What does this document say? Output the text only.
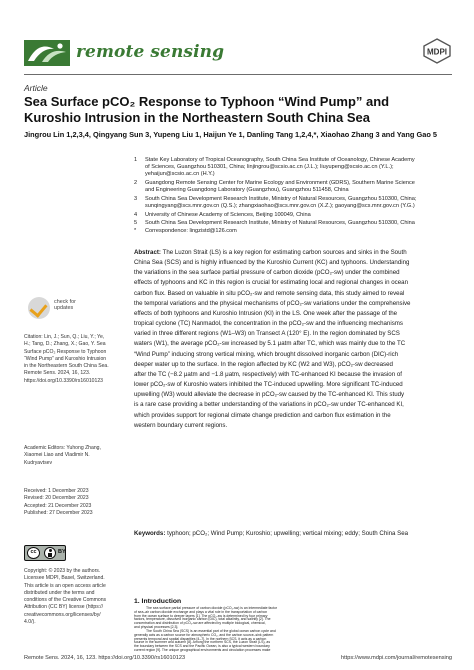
remote sensing	MDPI
Article
Sea Surface pCO₂ Response to Typhoon “Wind Pump” and
Kuroshio Intrusion in the Northeastern South China Sea
Jingrou Lin 1,2,3,4, Qingyang Sun 3, Yupeng Liu 1, Haijun Ye 1, Danling Tang 1,2,4,*, Xiaohao Zhang 3 and Yang Gao 5
1	State Key Laboratory of Tropical Oceanography, South China Sea Institute of Oceanology, Chinese Academy
of Sciences, Guangzhou 510301, China; linjingrou@scsio.ac.cn (J.L.); liuyupeng@scsio.ac.cn (Y.L.);
yehaijun@scsio.ac.cn (H.Y.)
2	Guangdong Remote Sensing Center for Marine Ecology and Environment (GDRS), Southern Marine Science
and Engineering Guangdong Laboratory (Guangzhou), Guangzhou 511458, China
3	South China Sea Development Research Institute, Ministry of Natural Resources, Guangzhou 510300, China;
sunqingyang@scs.mnr.gov.cn (Q.S.); zhangxiaohao@scs.mnr.gov.cn (X.Z.); gaoyang@scs.mnr.gov.cn (Y.G.)
4	University of Chinese Academy of Sciences, Beijing 100049, China
5	South China Sea Development Research Institute, Ministry of Natural Resources, Guangzhou 510300, China
*	Correspondence: lingzistd@126.com
Abstract: The Luzon Strait (LS) is a key region for estimating carbon sources and sinks in the South
China Sea (SCS) and is highly influenced by the Kuroshio Current (KC) and typhoons. Understanding
the variations in the sea surface partial pressure of carbon dioxide (pCO₂-sw) under the combined
effects of typhoons and KC in this region is crucial for estimating local and regional changes in ocean
carbon flux. Based on valuable in situ pCO₂-sw and remote sensing data, this study aimed to reveal
the temporal variations and the physical mechanisms of pCO₂-sw variations under the comprehensive
effects of both typhoons and Kuroshio Intrusion (KI) in the LS. One week after the passage of the
tropical cyclone (TC) Nanmadol, the concentration in the pCO₂-sw and the influencing mechanisms
varied in three different regions (W1–W3) on Transect A (120° E). In the region dominated by SCS
waters (W1), the average pCO₂-sw increased by 5.1 μatm after TC, which was mainly due to the TC
“Wind Pump” inducing strong vertical mixing, which brought dissolved inorganic carbon (DIC)-rich
deeper water up to the surface. In the region affected by KC (W2 and W3), pCO₂-sw decreased
after the TC (−8.2 μatm and −1.8 μatm, respectively) with TC-enhanced KI because the invasion of
lower pCO₂-sw of Kuroshio waters inhibited the TC-induced upwelling. More significant TC-induced
upwelling (W3) would alleviate the decrease in pCO₂-sw caused by the TC-enhanced KI. This study
is a rare case providing a better understanding of the variations in pCO₂-sw under TC-enhanced KI,
which provides support for regional climate change prediction and carbon flux estimation in the
western boundary current regions.
Keywords: typhoon; pCO₂; Wind Pump; Kuroshio; upwelling; vertical mixing; eddy; South China Sea
check for
updates
Citation: Lin, J.; Sun, Q.; Liu, Y.; Ye,
H.; Tang, D.; Zhang, X.; Gao, Y. Sea
Surface pCO₂ Response to Typhoon
“Wind Pump” and Kuroshio Intrusion
in the Northeastern South China Sea.
Remote Sens. 2024, 16, 123.
https://doi.org/10.3390/rs16010123
Academic Editors: Yuhong Zhang,
Xiaomei Liao and Vladimir N.
Kudryavtsev
Received: 1 December 2023
Revised: 20 December 2023
Accepted: 21 December 2023
Published: 27 December 2023
cc	BY
Copyright: © 2023 by the authors.
Licensee MDPI, Basel, Switzerland.
This article is an open access article
distributed under the terms and
conditions of the Creative Commons
Attribution (CC BY) license (https://
creativecommons.org/licenses/by/
4.0/).
1. Introduction
The sea surface partial pressure of carbon dioxide (pCO₂-sw) is an intermediate factor
of sea–air carbon dioxide exchange and plays a vital role in the transportation of carbon
from the ocean surface to deeper layers [1]. The pCO₂-sw is determined by four primary
factors, temperature, dissolved inorganic carbon (DIC), total alkalinity, and salinity [2]. The
concentration and distribution of pCO₂-sw are affected by multiple biological, chemical,
and physical processes [2,3].
The South China Sea (SCS) is an essential part of the global ocean carbon cycle and
generally acts as a carbon source for atmospheric CO₂, and the carbon source–sink pattern
presents temporal and spatial disparities [4–7]. In the northern SCS, it acts as a carbon
source in the summer and autumn [8]. Among the northern SCS, the Luzon Strait (LS), as
the boundary between the SCS and the Pacific Ocean, is also a typical western boundary
current region [9]. The unique geographical environments and circulation processes make
Remote Sens. 2024, 16, 123. https://doi.org/10.3390/rs16010123	https://www.mdpi.com/journal/remotesensing
